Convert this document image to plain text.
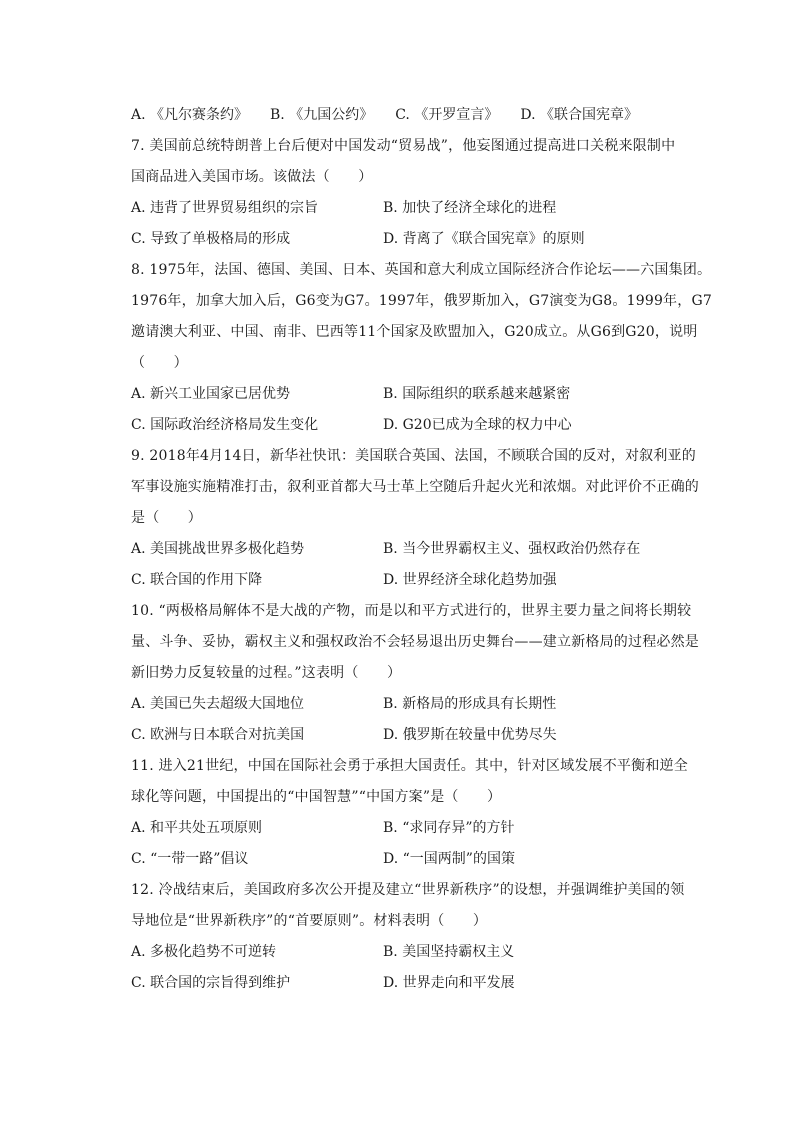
A. 《凡尔赛条约》 B. 《九国公约》 C. 《开罗宣言》 D. 《联合国宪章》
7. 美国前总统特朗普上台后便对中国发动“贸易战”，他妄图通过提高进口关税来限制中
国商品进入美国市场。该做法（　　）
A. 违背了世界贸易组织的宗旨	B. 加快了经济全球化的进程
C. 导致了单极格局的形成	D. 背离了《联合国宪章》的原则
8. 1975年，法国、德国、美国、日本、英国和意大利成立国际经济合作论坛——六国集团。
1976年，加拿大加入后，G6变为G7。1997年，俄罗斯加入，G7演变为G8。1999年，G7
邀请澳大利亚、中国、南非、巴西等11个国家及欧盟加入，G20成立。从G6到G20，说明
（　　）
A. 新兴工业国家已居优势	B. 国际组织的联系越来越紧密
C. 国际政治经济格局发生变化	D. G20已成为全球的权力中心
9. 2018年4月14日，新华社快讯：美国联合英国、法国，不顾联合国的反对，对叙利亚的
军事设施实施精准打击，叙利亚首都大马士革上空随后升起火光和浓烟。对此评价不正确的
是（　　）
A. 美国挑战世界多极化趋势	B. 当今世界霸权主义、强权政治仍然存在
C. 联合国的作用下降	D. 世界经济全球化趋势加强
10. “两极格局解体不是大战的产物，而是以和平方式进行的，世界主要力量之间将长期较
量、斗争、妥协，霸权主义和强权政治不会轻易退出历史舞台——建立新格局的过程必然是
新旧势力反复较量的过程。”这表明（　　）
A. 美国已失去超级大国地位	B. 新格局的形成具有长期性
C. 欧洲与日本联合对抗美国	D. 俄罗斯在较量中优势尽失
11. 进入21世纪，中国在国际社会勇于承担大国责任。其中，针对区域发展不平衡和逆全
球化等问题，中国提出的“中国智慧”“中国方案”是（　　）
A. 和平共处五项原则	B. “求同存异”的方针
C. “一带一路”倡议	D. “一国两制”的国策
12. 冷战结束后，美国政府多次公开提及建立“世界新秩序”的设想，并强调维护美国的领
导地位是“世界新秩序”的“首要原则”。材料表明（　　）
A. 多极化趋势不可逆转	B. 美国坚持霸权主义
C. 联合国的宗旨得到维护	D. 世界走向和平发展
